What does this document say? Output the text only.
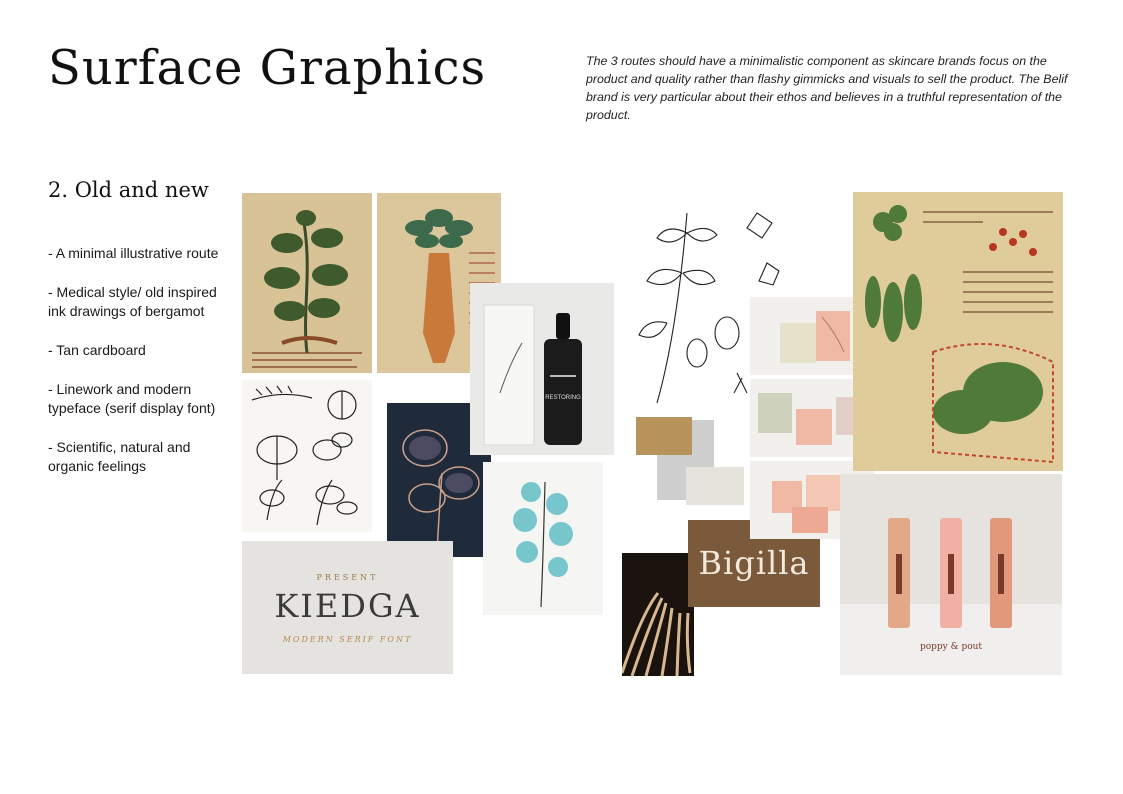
Surface Graphics	The 3 routes should have a minimalistic component as skincare brands focus on the product and quality rather than flashy gimmicks and visuals to sell the product. The Belif brand is very particular about their ethos and believes in a truthful representation of the product.

2. Old and new
- A minimal illustrative route
- Medical style/ old inspired ink drawings of bergamot
- Tan cardboard
- Linework and modern typeface (serif display font)
- Scientific, natural and organic feelings
RESTORING
PRESENT
KIEDGA
MODERN SERIF FONT
Bigilla
poppy & pout
